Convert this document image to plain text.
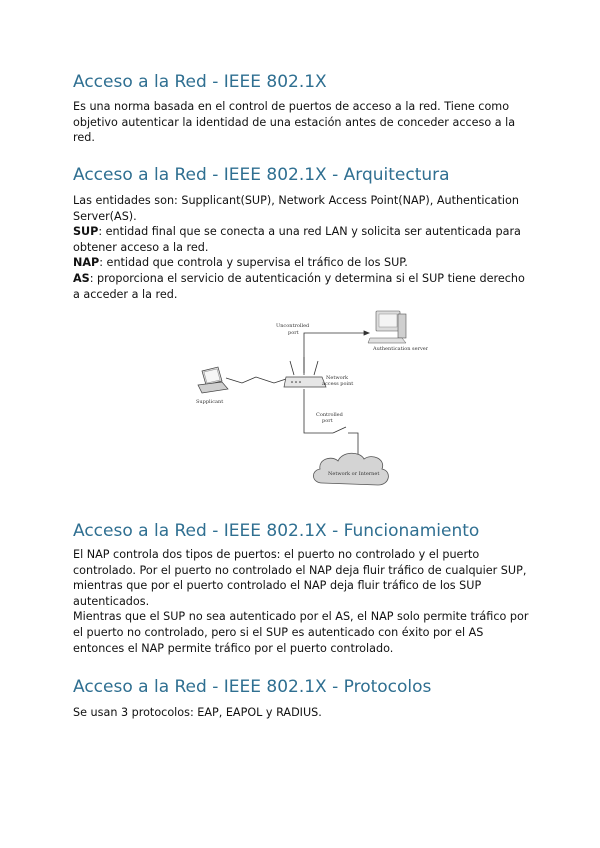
Acceso a la Red - IEEE 802.1X

Es una norma basada en el control de puertos de acceso a la red. Tiene como
objetivo autenticar la identidad de una estación antes de conceder acceso a la
red.

Acceso a la Red - IEEE 802.1X - Arquitectura

Las entidades son: Supplicant(SUP), Network Access Point(NAP), Authentication
Server(AS).
SUP: entidad final que se conecta a una red LAN y solicita ser autenticada para
obtener acceso a la red.
NAP: entidad que controla y supervisa el tráfico de los SUP.
AS: proporciona el servicio de autenticación y determina si el SUP tiene derecho
a acceder a la red.

Authentication server
Uncontrolled
port
Network
access point
Supplicant
Controlled
port
Network or Internet
Acceso a la Red - IEEE 802.1X - Funcionamiento

El NAP controla dos tipos de puertos: el puerto no controlado y el puerto
controlado. Por el puerto no controlado el NAP deja fluir tráfico de cualquier SUP,
mientras que por el puerto controlado el NAP deja fluir tráfico de los SUP
autenticados.
Mientras que el SUP no sea autenticado por el AS, el NAP solo permite tráfico por
el puerto no controlado, pero si el SUP es autenticado con éxito por el AS
entonces el NAP permite tráfico por el puerto controlado.

Acceso a la Red - IEEE 802.1X - Protocolos

Se usan 3 protocolos: EAP, EAPOL y RADIUS.
